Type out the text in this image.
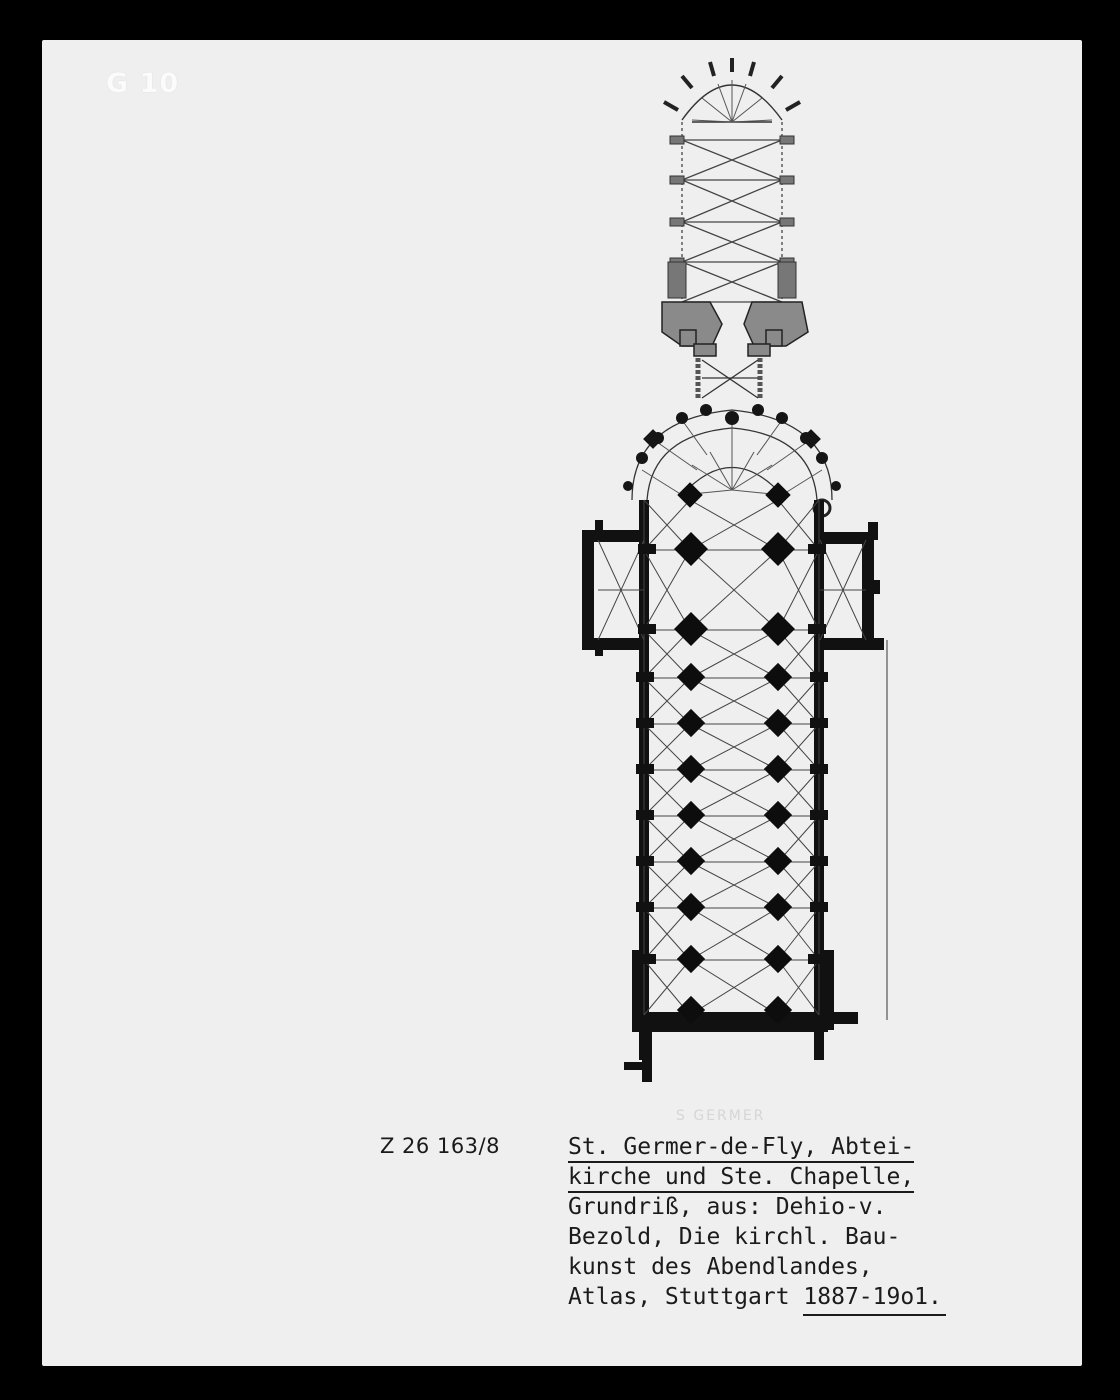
G 10
S GERMER
Z 26 163/8	St. Germer-de-Fly, Abtei-
kirche und Ste. Chapelle,
Grundriß, aus: Dehio-v.
Bezold, Die kirchl. Bau-
kunst des Abendlandes,
Atlas, Stuttgart 1887-19o1.
